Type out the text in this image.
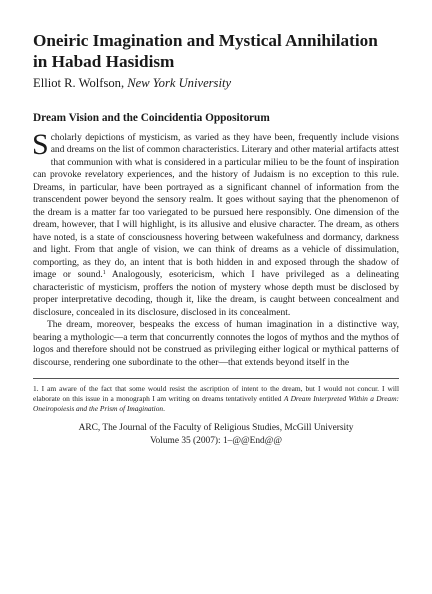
Oneiric Imagination and Mystical Annihilation
in Habad Hasidism
Elliot R. Wolfson, New York University
Dream Vision and the Coincidentia Oppositorum

Scholarly depictions of mysticism, as varied as they have been, frequently include visions and dreams on the list of common characteristics. Literary and other material artifacts attest that communion with what is considered in a particular milieu to be the fount of inspiration can provoke revelatory experiences, and the history of Judaism is no exception to this rule. Dreams, in particular, have been portrayed as a significant channel of information from the transcendent power beyond the sensory realm. It goes without saying that the phenomenon of the dream is a matter far too variegated to be pursued here responsibly. One dimension of the dream, however, that I will highlight, is its allusive and elusive character. The dream, as others have noted, is a state of consciousness hovering between wakefulness and dormancy, darkness and light. From that angle of vision, we can think of dreams as a vehicle of dissimulation, comporting, as they do, an intent that is both hidden in and exposed through the shadow of image or sound.$^1$ Analogously, esotericism, which I have privileged as a delineating characteristic of mysticism, proffers the notion of mystery whose depth must be disclosed by proper interpretative decoding, though it, like the dream, is caught between concealment and disclosure, concealed in its disclosure, disclosed in its concealment.

The dream, moreover, bespeaks the excess of human imagination in a distinctive way, bearing a mythologic—a term that concurrently connotes the logos of mythos and the mythos of logos and therefore should not be construed as privileging either logical or mythical patterns of discourse, rendering one subordinate to the other—that extends beyond itself in the

1. I am aware of the fact that some would resist the ascription of intent to the dream, but I would not concur. I will elaborate on this issue in a monograph I am writing on dreams tentatively entitled A Dream Interpreted Within a Dream: Oneiropoiesis and the Prism of Imagination.

ARC, The Journal of the Faculty of Religious Studies, McGill University
Volume 35 (2007): 1–@@End@@
